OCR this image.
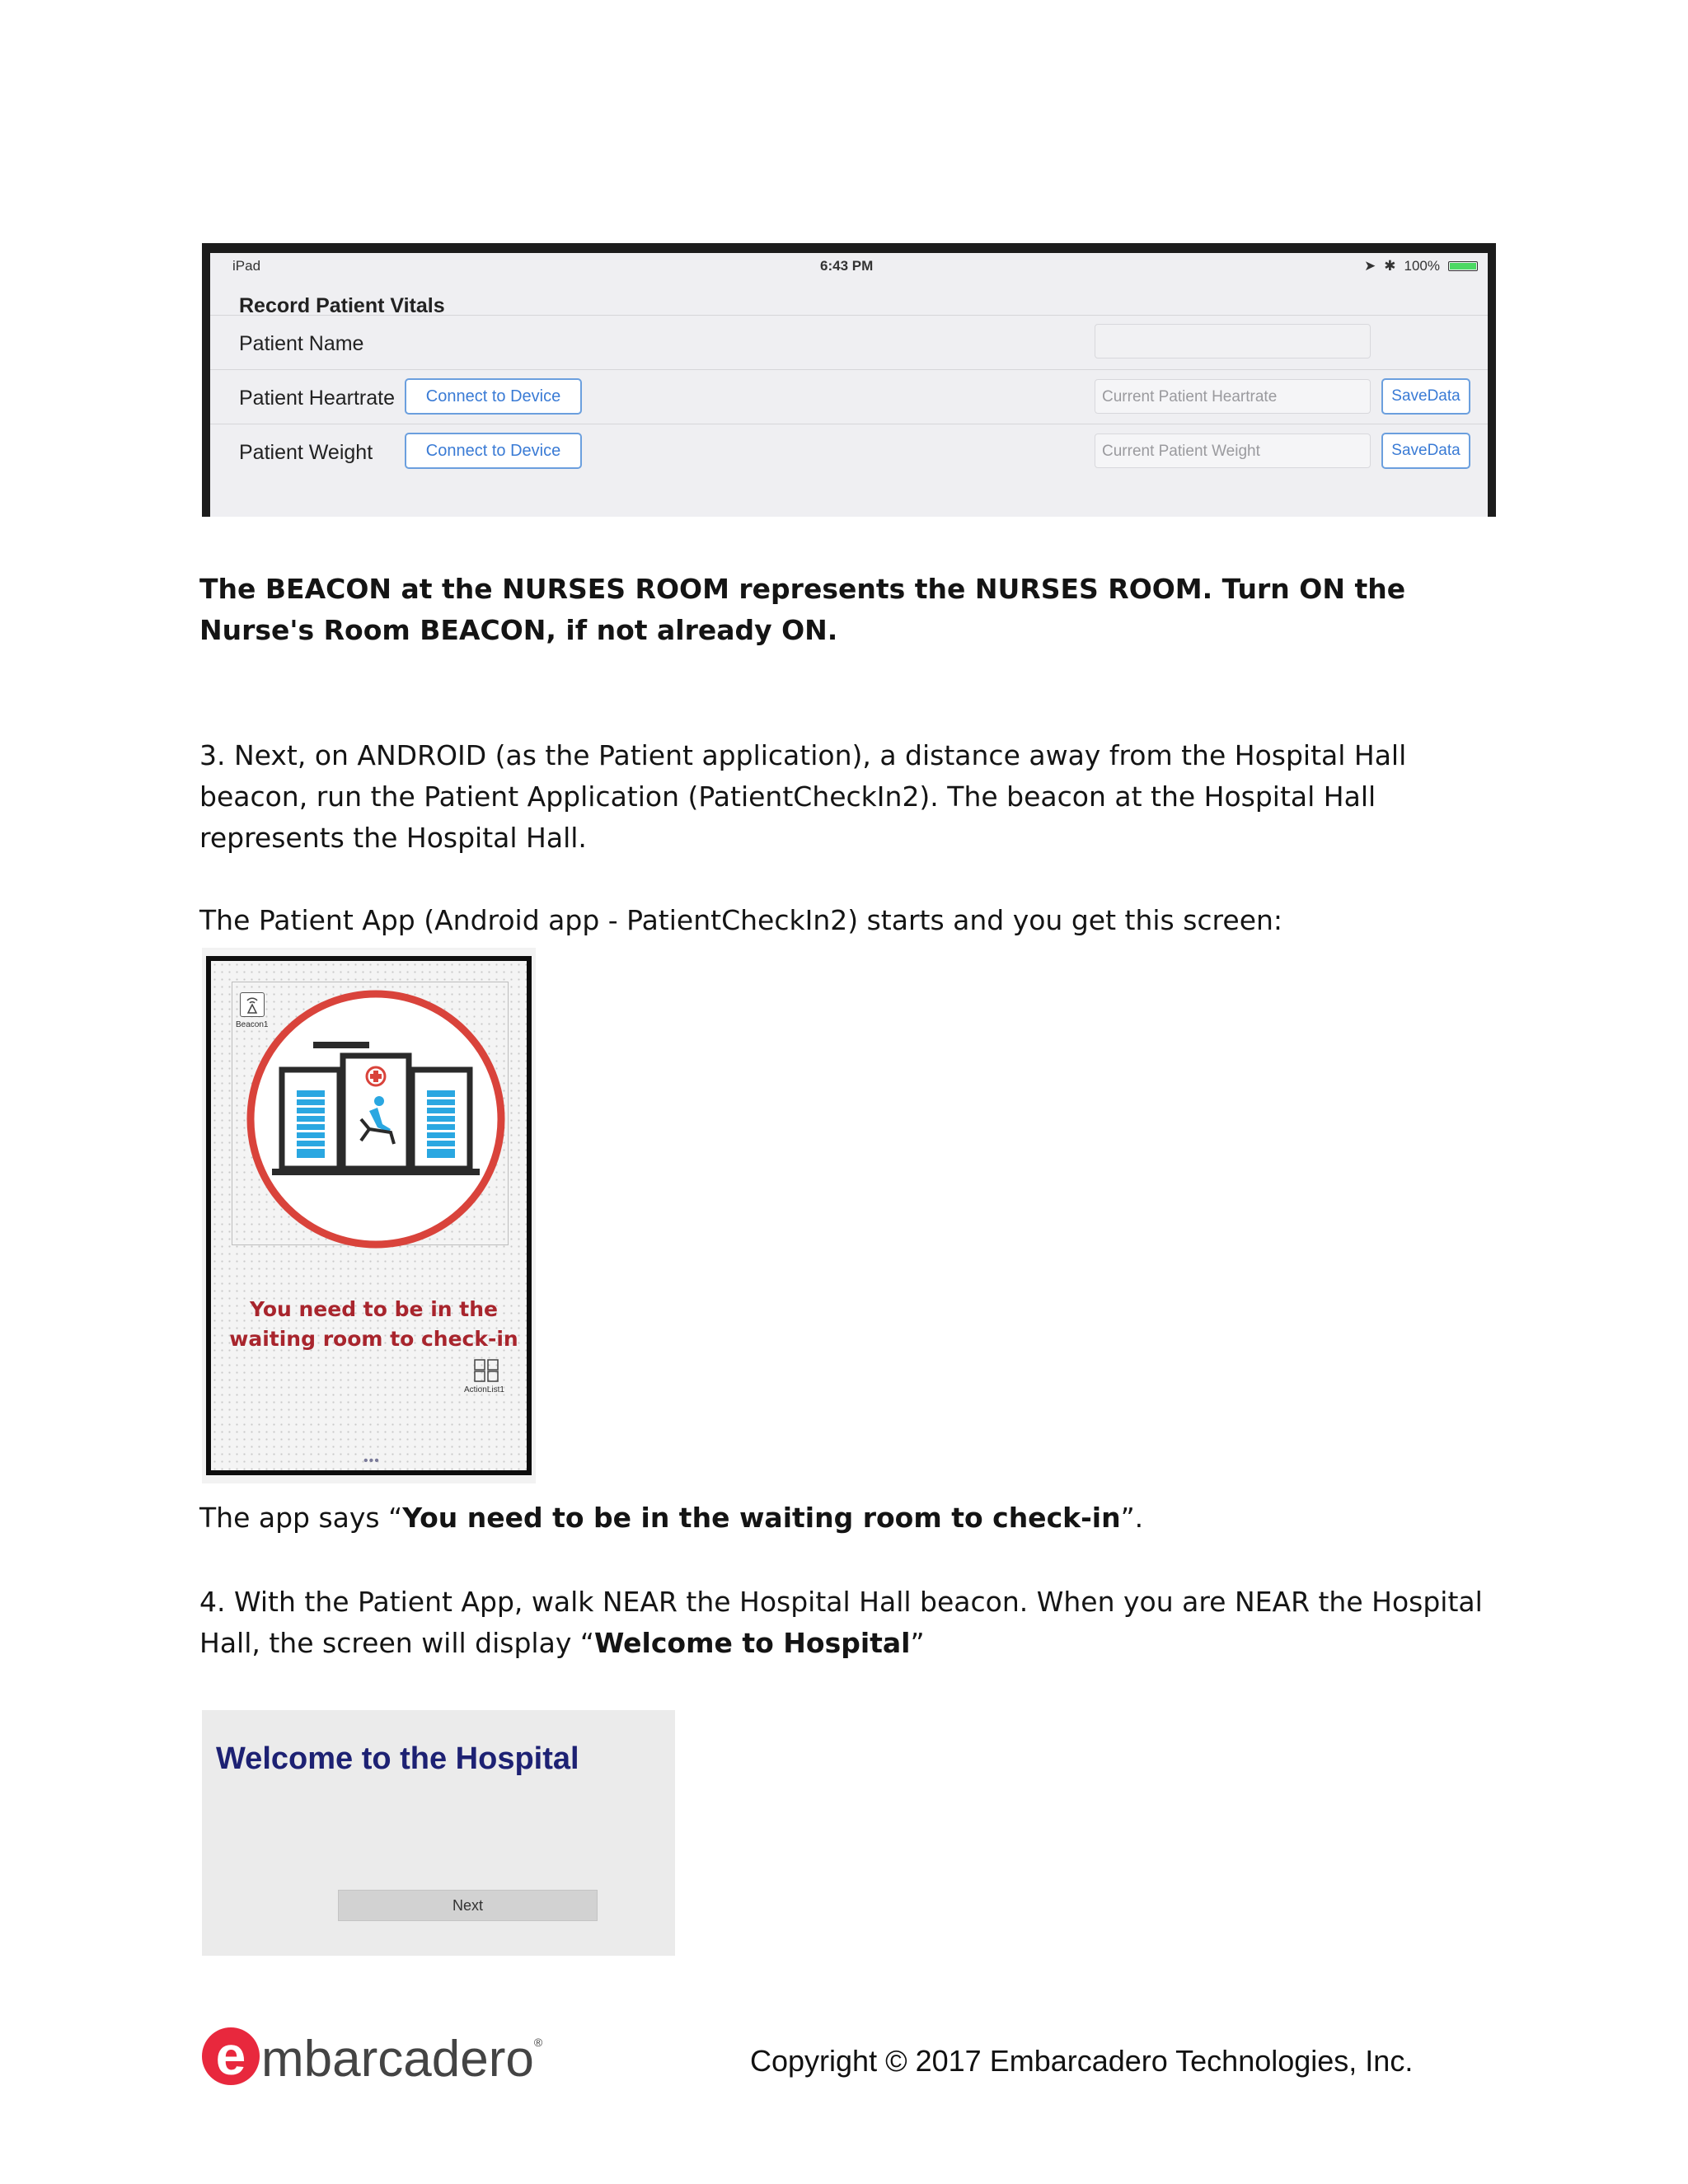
iPad	6:43 PM	➤ ✱ 100%
Record Patient Vitals
Patient Name
Patient Heartrate	Connect to Device	Current Patient Heartrate	SaveData
Patient Weight	Connect to Device	Current Patient Weight	SaveData

The BEACON at the NURSES ROOM represents the NURSES ROOM. Turn ON the Nurse's Room BEACON, if not already ON.

3. Next, on ANDROID (as the Patient application), a distance away from the Hospital Hall beacon, run the Patient Application (PatientCheckIn2). The beacon at the Hospital Hall represents the Hospital Hall.

The Patient App (Android app - PatientCheckIn2) starts and you get this screen:

Beacon1
You need to be in the waiting room to check-in
ActionList1
•••

The app says “You need to be in the waiting room to check-in”.

4. With the Patient App, walk NEAR the Hospital Hall beacon. When you are NEAR the Hospital Hall, the screen will display “Welcome to Hospital”

Welcome to the Hospital
Next
e mbarcadero ®
Copyright © 2017 Embarcadero Technologies, Inc.
